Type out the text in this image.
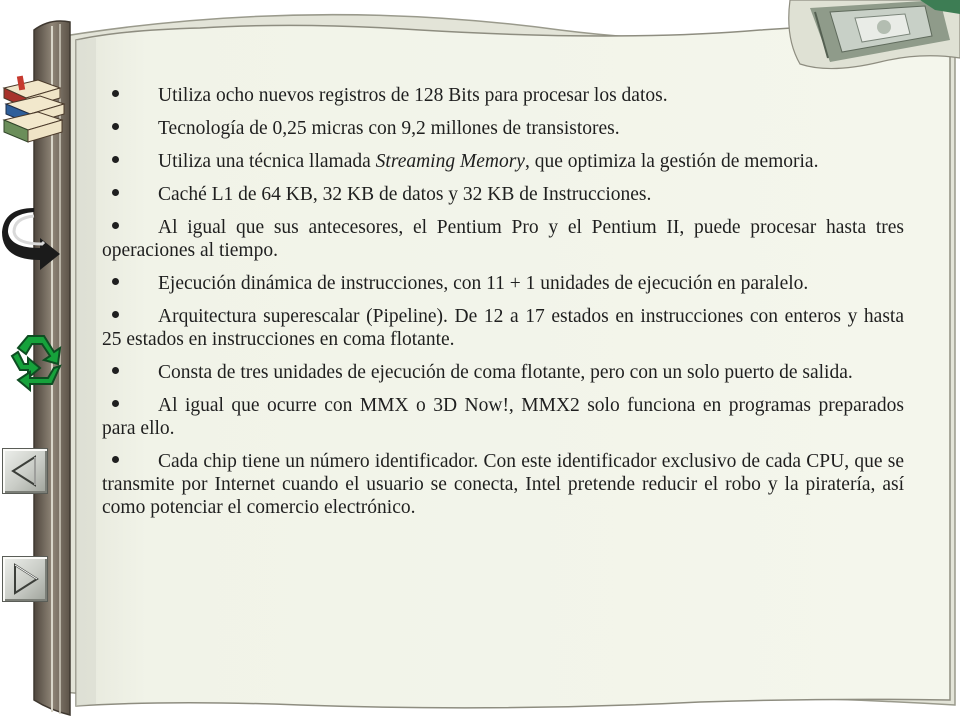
Utiliza ocho nuevos registros de 128 Bits para procesar los datos.

Tecnología de 0,25 micras con 9,2 millones de transistores.

Utiliza una técnica llamada Streaming Memory, que optimiza la gestión de memoria.

Caché L1 de 64 KB, 32 KB de datos y 32 KB de Instrucciones.

Al igual que sus antecesores, el Pentium Pro y el Pentium II, puede procesar hasta tres operaciones al tiempo.

Ejecución dinámica de instrucciones, con 11 + 1 unidades de ejecución en paralelo.

Arquitectura superescalar (Pipeline). De 12 a 17 estados en instrucciones con enteros y hasta 25 estados en instrucciones en coma flotante.

Consta de tres unidades de ejecución de coma flotante, pero con un solo puerto de salida.

Al igual que ocurre con MMX o 3D Now!, MMX2 solo funciona en programas preparados para ello.

Cada chip tiene un número identificador. Con este identificador exclusivo de cada CPU, que se transmite por Internet cuando el usuario se conecta, Intel pretende reducir el robo y la piratería, así como potenciar el comercio electrónico.
